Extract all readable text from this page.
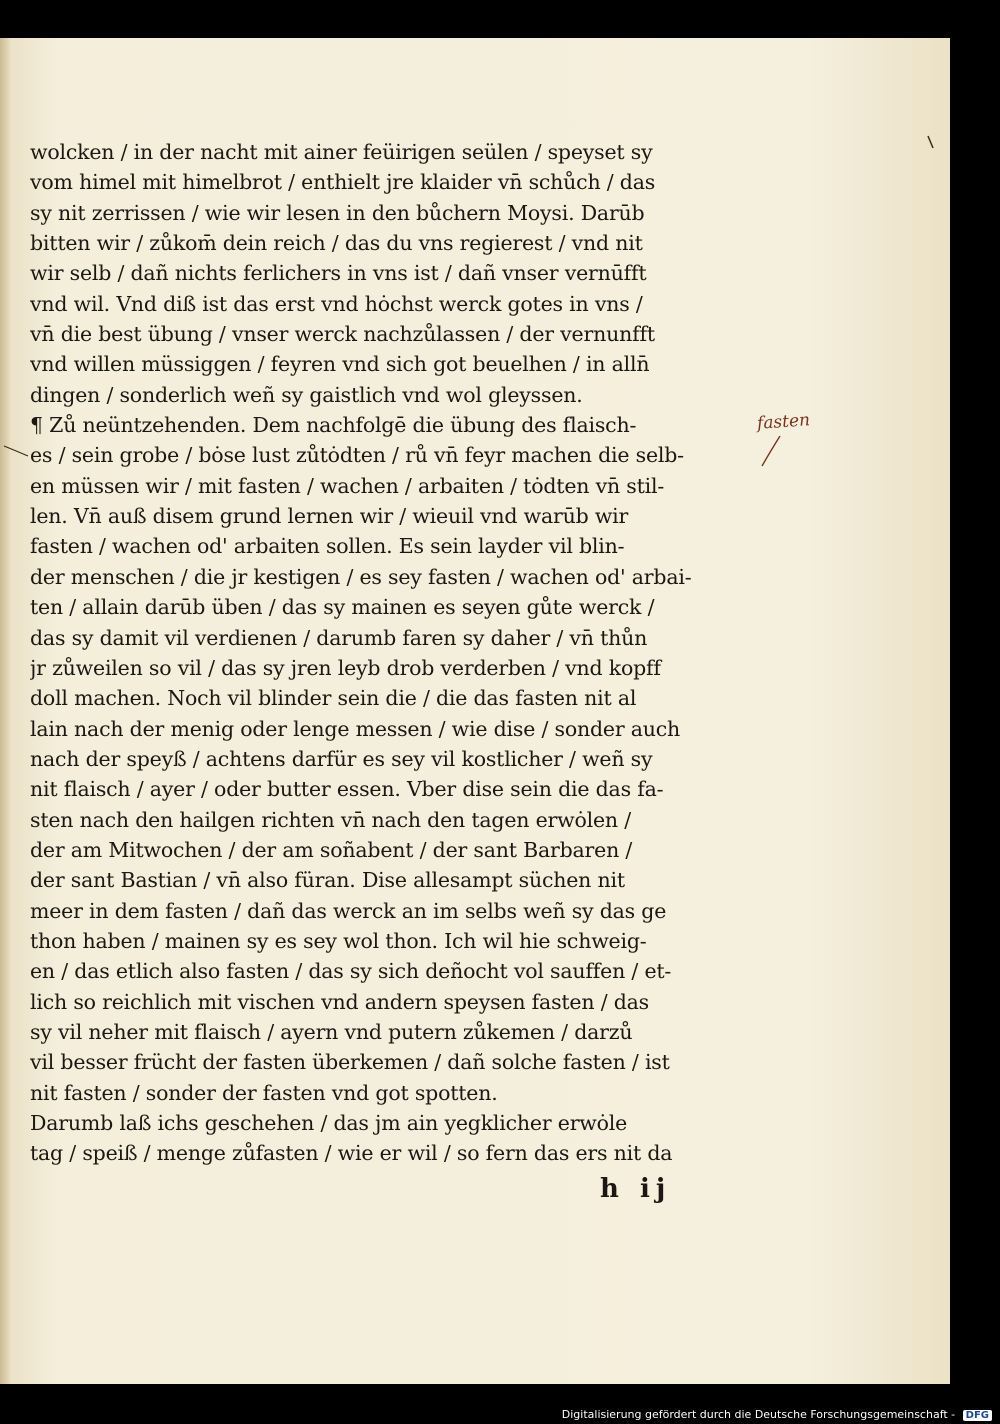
wolcken / in der nacht mit ainer feüirigen seülen / speyset sy
vom himel mit himelbrot / enthielt jre klaider vn̄ schůch / das
sy nit zerrissen / wie wir lesen in den bůchern Moysi. Darūb
bitten wir / zůkom̄ dein reich / das du vns regierest / vnd nit
wir selb / dañ nichts ferlichers in vns ist / dañ vnser vernūfft
vnd wil. Vnd diß ist das erst vnd hȯchst werck gotes in vns /
vn̄ die best übung / vnser werck nachzůlassen / der vernunfft
vnd willen müssiggen / feyren vnd sich got beuelhen / in alln̄
dingen / sonderlich weñ sy gaistlich vnd wol gleyssen.
¶ Zů neüntzehenden. Dem nachfolgē die übung des flaisch-
es / sein grobe / bȯse lust zůtȯdten / rů vn̄ feyr machen die selb-
en müssen wir / mit fasten / wachen / arbaiten / tȯdten vn̄ stil-
len. Vn̄ auß disem grund lernen wir / wieuil vnd warūb wir
fasten / wachen od' arbaiten sollen. Es sein layder vil blin-
der menschen / die jr kestigen / es sey fasten / wachen od' arbai-
ten / allain darūb üben / das sy mainen es seyen gůte werck /
das sy damit vil verdienen / darumb faren sy daher / vn̄ thůn
jr zůweilen so vil / das sy jren leyb drob verderben / vnd kopff
doll machen. Noch vil blinder sein die / die das fasten nit al
lain nach der menig oder lenge messen / wie dise / sonder auch
nach der speyß / achtens darfür es sey vil kostlicher / weñ sy
nit flaisch / ayer / oder butter essen. Vber dise sein die das fa-
sten nach den hailgen richten vn̄ nach den tagen erwȯlen /
der am Mitwochen / der am soñabent / der sant Barbaren /
der sant Bastian / vn̄ also füran. Dise allesampt süchen nit
meer in dem fasten / dañ das werck an im selbs weñ sy das ge
thon haben / mainen sy es sey wol thon. Ich wil hie schweig-
en / das etlich also fasten / das sy sich deñocht vol sauffen / et-
lich so reichlich mit vischen vnd andern speysen fasten / das
sy vil neher mit flaisch / ayern vnd putern zůkemen / darzů
vil besser frücht der fasten überkemen / dañ solche fasten / ist
nit fasten / sonder der fasten vnd got spotten.
Darumb laß ichs geschehen / das jm ain yegklicher erwȯle
tag / speiß / menge zůfasten / wie er wil / so fern das ers nit da
h ij
fasten
Digitalisierung gefördert durch die Deutsche Forschungsgemeinschaft - DFG
